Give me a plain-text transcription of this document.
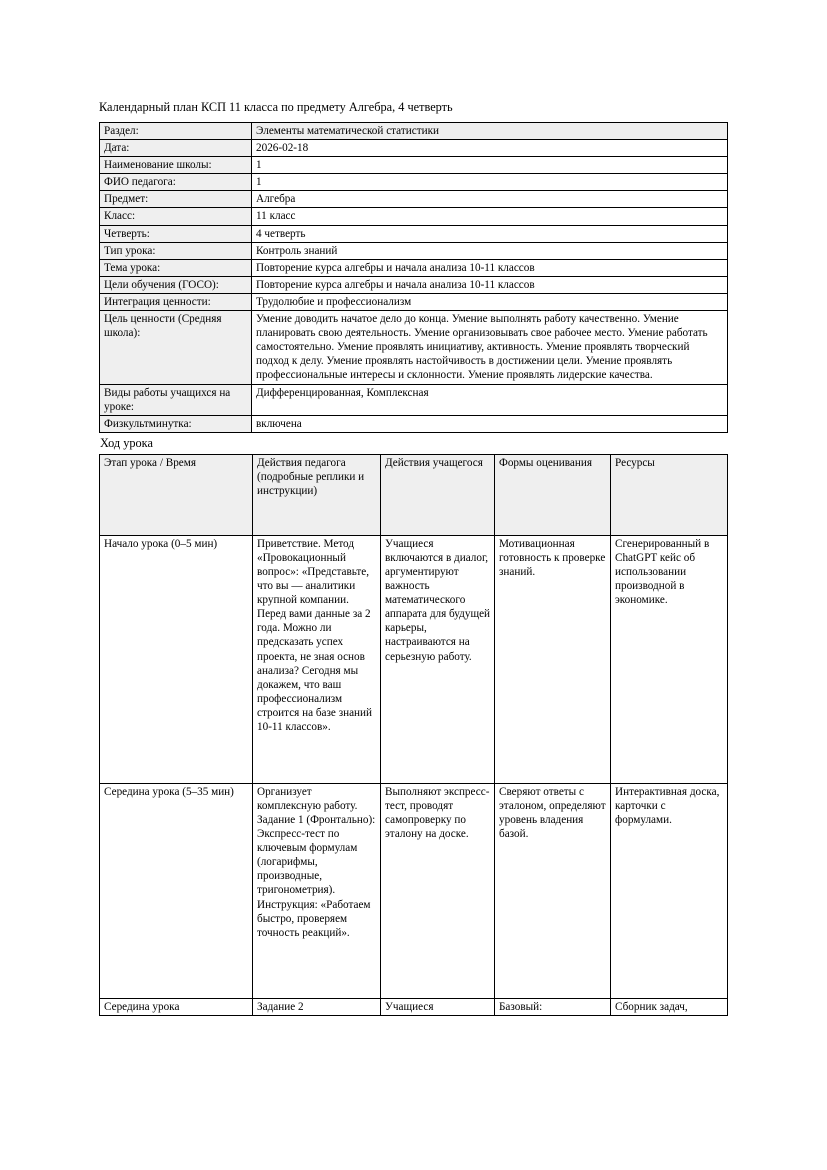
Календарный план КСП 11 класса по предмету Алгебра, 4 четверть
Раздел:	Элементы математической статистики
Дата:	2026-02-18
Наименование школы:	1
ФИО педагога:	1
Предмет:	Алгебра
Класс:	11 класс
Четверть:	4 четверть
Тип урока:	Контроль знаний
Тема урока:	Повторение курса алгебры и начала анализа 10-11 классов
Цели обучения (ГОСО):	Повторение курса алгебры и начала анализа 10-11 классов
Интеграция ценности:	Трудолюбие и профессионализм
Цель ценности (Средняя школа):	Умение доводить начатое дело до конца. Умение выполнять работу качественно. Умение планировать свою деятельность. Умение организовывать свое рабочее место. Умение работать самостоятельно. Умение проявлять инициативу, активность. Умение проявлять творческий подход к делу. Умение проявлять настойчивость в достижении цели. Умение проявлять профессиональные интересы и склонности. Умение проявлять лидерские качества.
Виды работы учащихся на уроке:	Дифференцированная, Комплексная
Физкультминутка:	включена
Ход урока
Этап урока / Время	Действия педагога (подробные реплики и инструкции)	Действия учащегося	Формы оценивания	Ресурсы
Начало урока (0–5 мин)	Приветствие. Метод «Провокационный вопрос»: «Представьте, что вы — аналитики крупной компании. Перед вами данные за 2 года. Можно ли предсказать успех проекта, не зная основ анализа? Сегодня мы докажем, что ваш профессионализм строится на базе знаний 10-11 классов».	Учащиеся включаются в диалог, аргументируют важность математического аппарата для будущей карьеры, настраиваются на серьезную работу.	Мотивационная готовность к проверке знаний.	Сгенерированный в ChatGPT кейс об использовании производной в экономике.
Середина урока (5–35 мин)	Организует комплексную работу. Задание 1 (Фронтально): Экспресс-тест по ключевым формулам (логарифмы, производные, тригонометрия). Инструкция: «Работаем быстро, проверяем точность реакций».	Выполняют экспресс-тест, проводят самопроверку по эталону на доске.	Сверяют ответы с эталоном, определяют уровень владения базой.	Интерактивная доска, карточки с формулами.
Середина урока	Задание 2	Учащиеся	Базовый:	Сборник задач,
